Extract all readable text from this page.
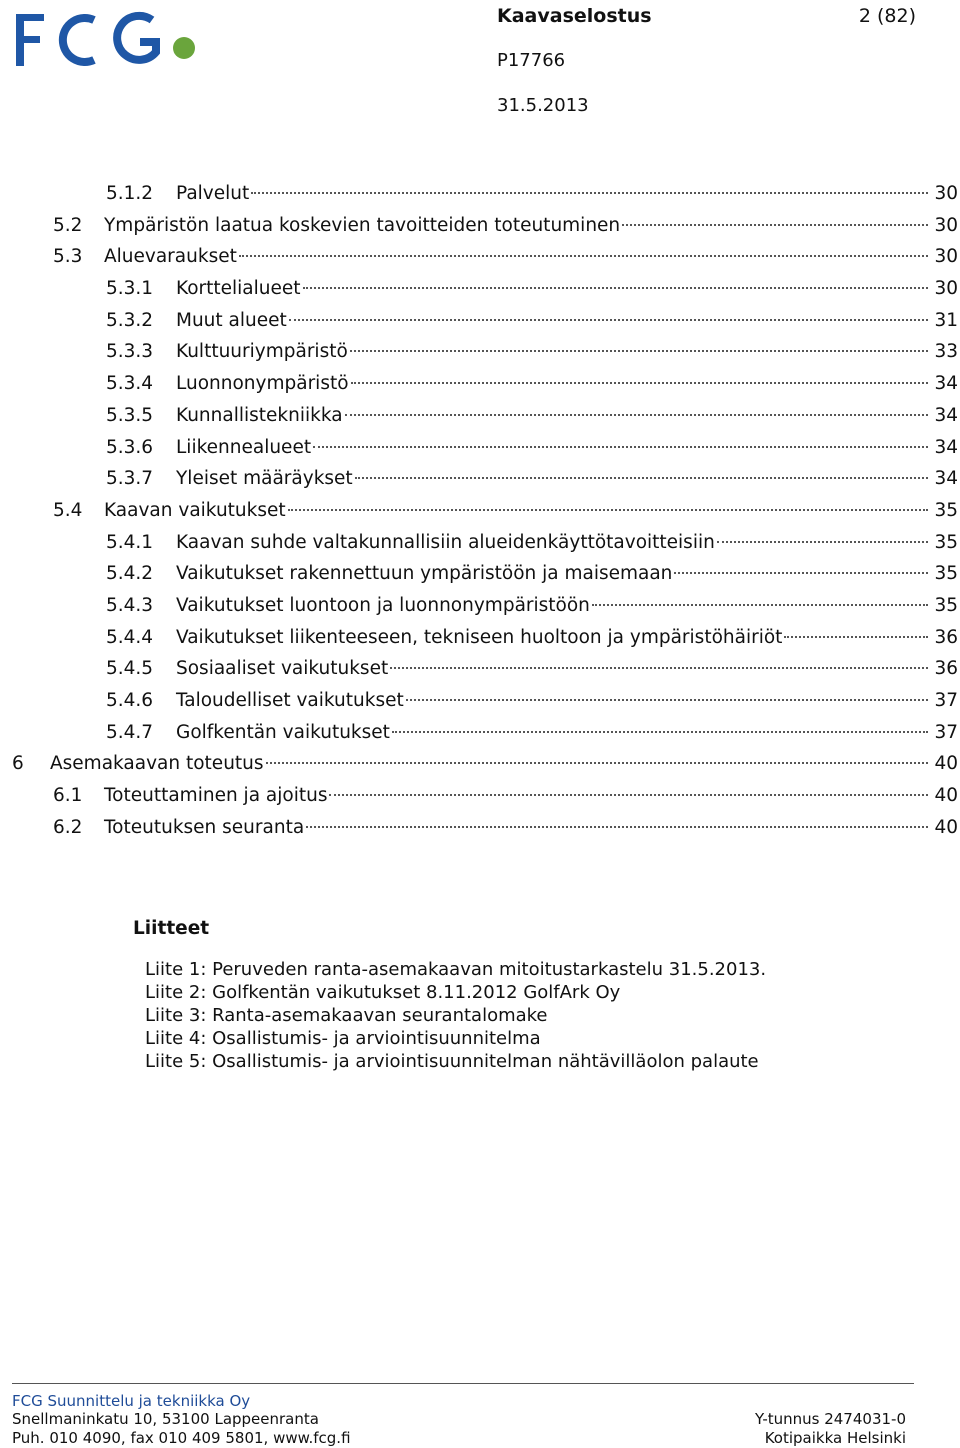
Kaavaselostus	2 (82)
P17766
31.5.2013
5.1.2	Palvelut	30
5.2	Ympäristön laatua koskevien tavoitteiden toteutuminen	30
5.3	Aluevaraukset	30
5.3.1	Korttelialueet	30
5.3.2	Muut alueet	31
5.3.3	Kulttuuriympäristö	33
5.3.4	Luonnonympäristö	34
5.3.5	Kunnallistekniikka	34
5.3.6	Liikennealueet	34
5.3.7	Yleiset määräykset	34
5.4	Kaavan vaikutukset	35
5.4.1	Kaavan suhde valtakunnallisiin alueidenkäyttötavoitteisiin	35
5.4.2	Vaikutukset rakennettuun ympäristöön ja maisemaan	35
5.4.3	Vaikutukset luontoon ja luonnonympäristöön	35
5.4.4	Vaikutukset liikenteeseen, tekniseen huoltoon ja ympäristöhäiriöt	36
5.4.5	Sosiaaliset vaikutukset	36
5.4.6	Taloudelliset vaikutukset	37
5.4.7	Golfkentän vaikutukset	37
6	Asemakaavan toteutus	40
6.1	Toteuttaminen ja ajoitus	40
6.2	Toteutuksen seuranta	40
Liitteet
Liite 1: Peruveden ranta-asemakaavan mitoitustarkastelu 31.5.2013.
Liite 2: Golfkentän vaikutukset 8.11.2012 GolfArk Oy
Liite 3: Ranta-asemakaavan seurantalomake
Liite 4: Osallistumis- ja arviointisuunnitelma
Liite 5: Osallistumis- ja arviointisuunnitelman nähtävilläolon palaute
FCG Suunnittelu ja tekniikka Oy
Snellmaninkatu 10, 53100 Lappeenranta
Puh. 010 4090, fax 010 409 5801, www.fcg.fi
Y-tunnus 2474031-0
Kotipaikka Helsinki
